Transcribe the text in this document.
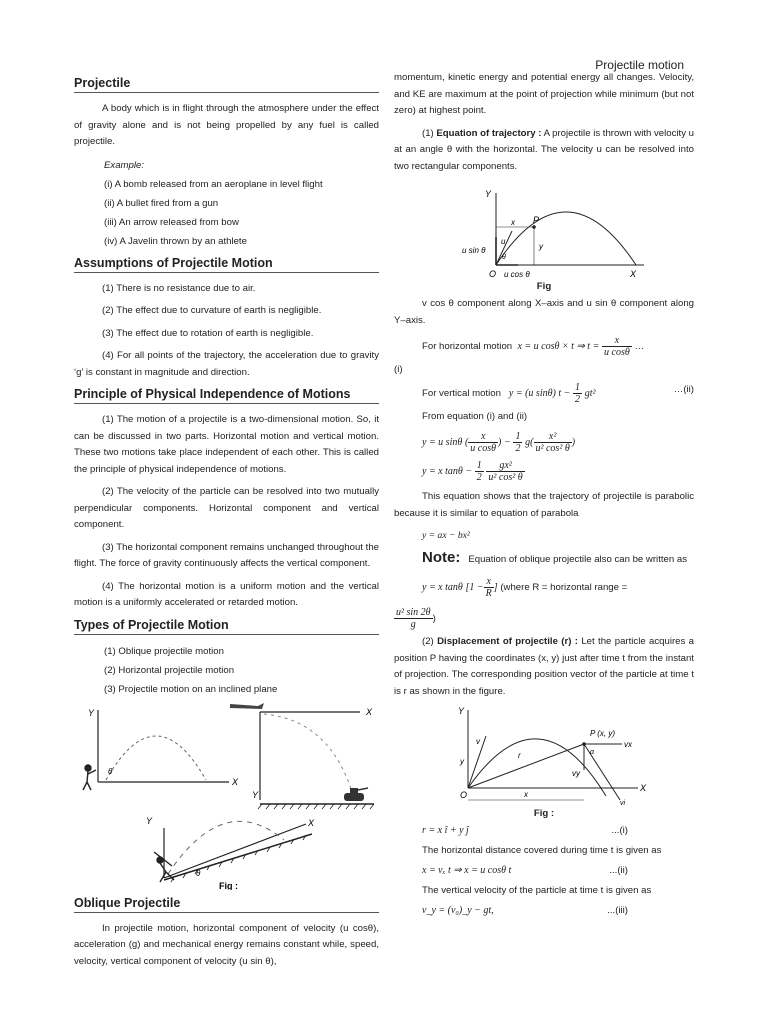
Projectile motion
Projectile

A body which is in flight through the atmosphere under the effect of gravity alone and is not being propelled by any fuel is called projectile.

Example:
(i) A bomb released from an aeroplane in level flight
(ii) A bullet fired from a gun
(iii) An arrow released from bow
(iv) A Javelin thrown by an athlete
Assumptions of Projectile Motion

(1) There is no resistance due to air.

(2) The effect due to curvature of earth is negligible.

(3) The effect due to rotation of earth is negligible.

(4) For all points of the trajectory, the acceleration due to gravity ‘g’ is constant in magnitude and direction.

Principle of Physical Independence of Motions

(1) The motion of a projectile is a two-dimensional motion. So, it can be discussed in two parts. Horizontal motion and vertical motion. These two motions take place independent of each other. This is called the principle of physical independence of motions.

(2) The velocity of the particle can be resolved into two mutually perpendicular components. Horizontal component and vertical component.

(3) The horizontal component remains unchanged throughout the flight. The force of gravity continuously affects the vertical component.

(4) The horizontal motion is a uniform motion and the vertical motion is a uniformly accelerated or retarded motion.

Types of Projectile Motion
(1) Oblique projectile motion
(2) Horizontal projectile motion
(3) Projectile motion on an inclined plane
Y
X
θ
X
Y
Y	X
θ
Fig :
Oblique Projectile

In projectile motion, horizontal component of velocity (u cosθ), acceleration (g) and mechanical energy remains constant while, speed, velocity, vertical component of velocity (u sin θ),

momentum, kinetic energy and potential energy all changes. Velocity, and KE are maximum at the point of projection while minimum (but not zero) at highest point.

(1) Equation of trajectory : A projectile is thrown with velocity u at an angle θ with the horizontal. The velocity u can be resolved into two rectangular components.

Y
X
O
u sin θ
u cos θ
u
θ
P
x
y
Fig

v cos θ component along X–axis and u sin θ component along Y–axis.

For horizontal motion x = u cosθ × t ⇒ $t = \frac{x}{\text{u cosθ}}$ …
(i)
For vertical motion y = (u sinθ) $t - \frac{1}{2} gt^2$	…(ii)
From equation (i) and (ii)
y = u sinθ ( $\frac{x}{\text{u cosθ}}$ ) − $\frac{1}{2} g( \frac{\text{x²}}{\text{u² cos² θ}}$ )
y = x $\tan\theta - \frac{1}{2}$
$\frac{\text{gx²}}{\text{u² cos² θ}}$

This equation shows that the trajectory of projectile is parabolic because it is similar to equation of parabola

y = ax − bx²
Note: Equation of oblique projectile also can be written as
y = x tanθ [$1 - \frac{x}{R}$ ] (where R = horizontal range =
$\frac{\text{u² sin 2θ}}{g}$ )

(2) Displacement of projectile (r) : Let the particle acquires a position P having the coordinates (x, y) just after time t from the instant of projection. The corresponding position vector of the particle at time t is r as shown in the figure.

Y
X
O
v
r
P (x, y)
vx
vy
vi
α
x
y
Fig :
r = x î + y ĵ	...(i)
The horizontal distance covered during time t is given as
x = vₓ t ⇒ x = u cosθ t	...(ii)
The vertical velocity of the particle at time t is given as
v_y = (v₀)_y − gt,	...(iii)
